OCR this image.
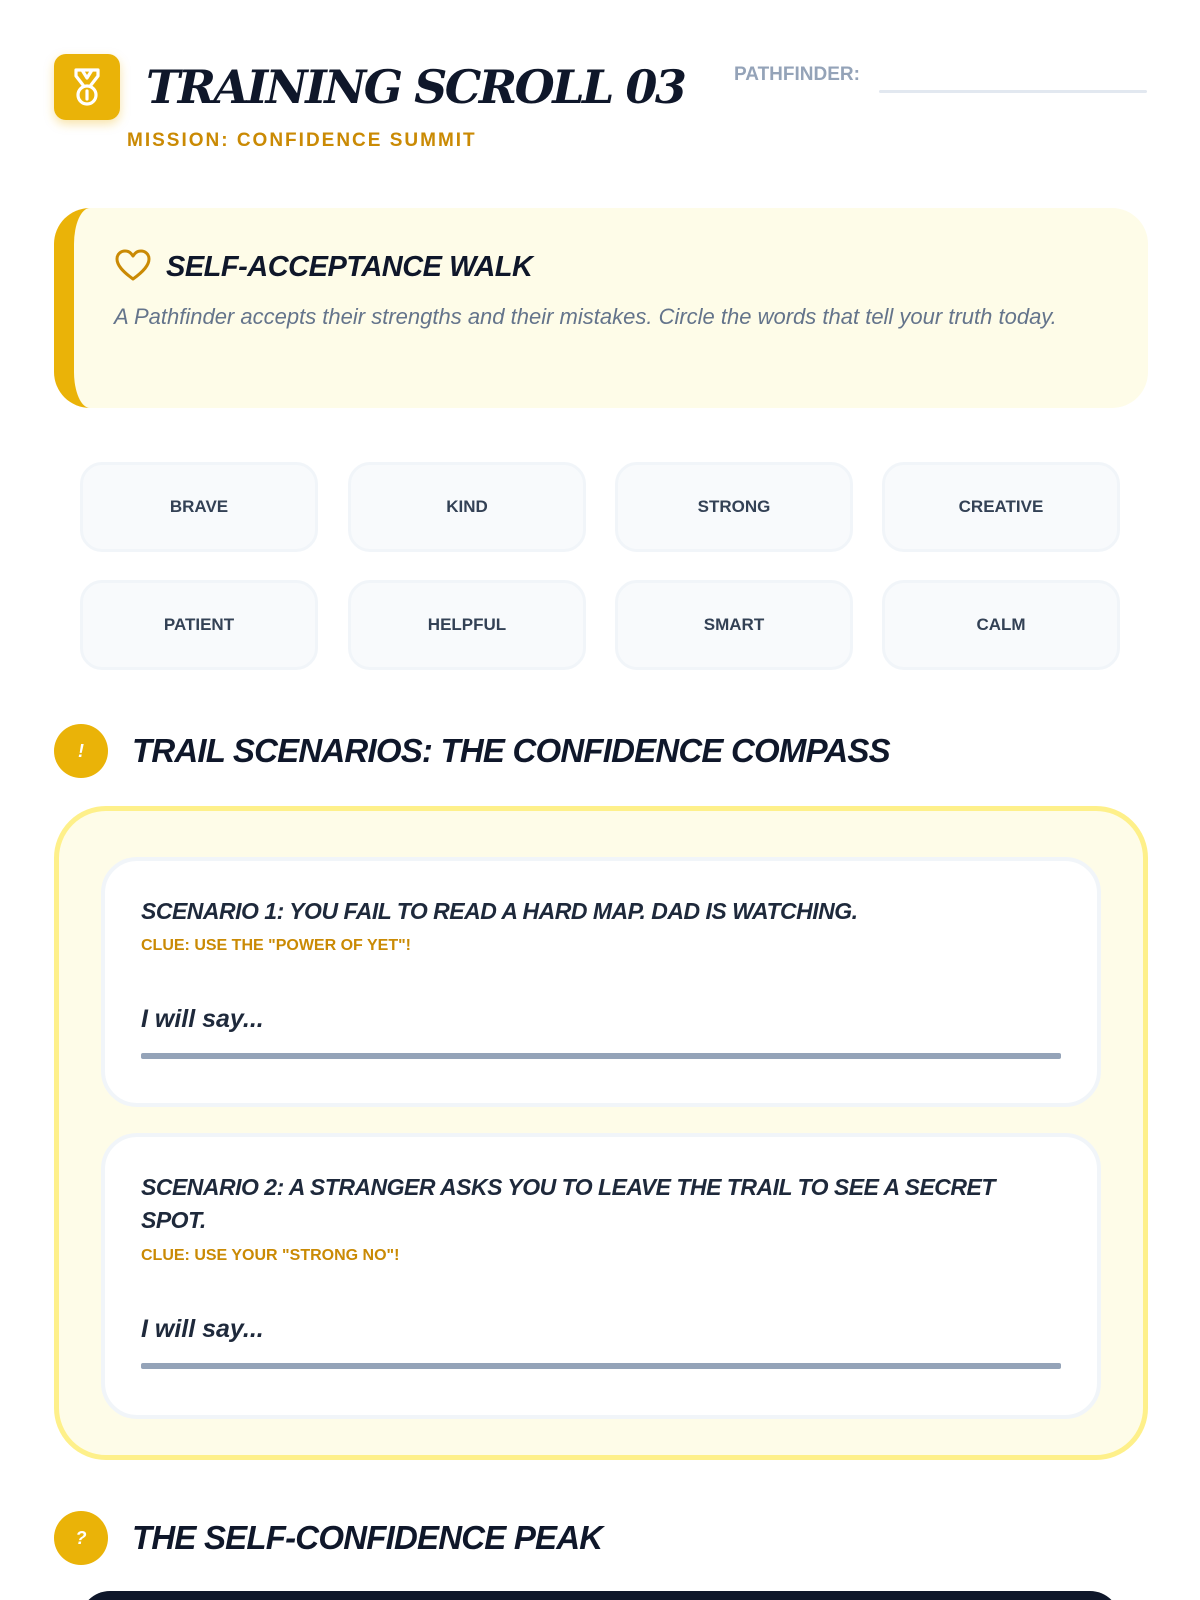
TRAINING SCROLL 03
MISSION: CONFIDENCE SUMMIT
PATHFINDER:
SELF-ACCEPTANCE WALK
A Pathfinder accepts their strengths and their mistakes. Circle the words that tell your truth today.
BRAVE	KIND	STRONG	CREATIVE
PATIENT	HELPFUL	SMART	CALM
!	TRAIL SCENARIOS: THE CONFIDENCE COMPASS
SCENARIO 1: YOU FAIL TO READ A HARD MAP. DAD IS WATCHING.
CLUE: USE THE "POWER OF YET"!
I will say...
SCENARIO 2: A STRANGER ASKS YOU TO LEAVE THE TRAIL TO SEE A SECRET SPOT.
CLUE: USE YOUR "STRONG NO"!
I will say...
?	THE SELF-CONFIDENCE PEAK
